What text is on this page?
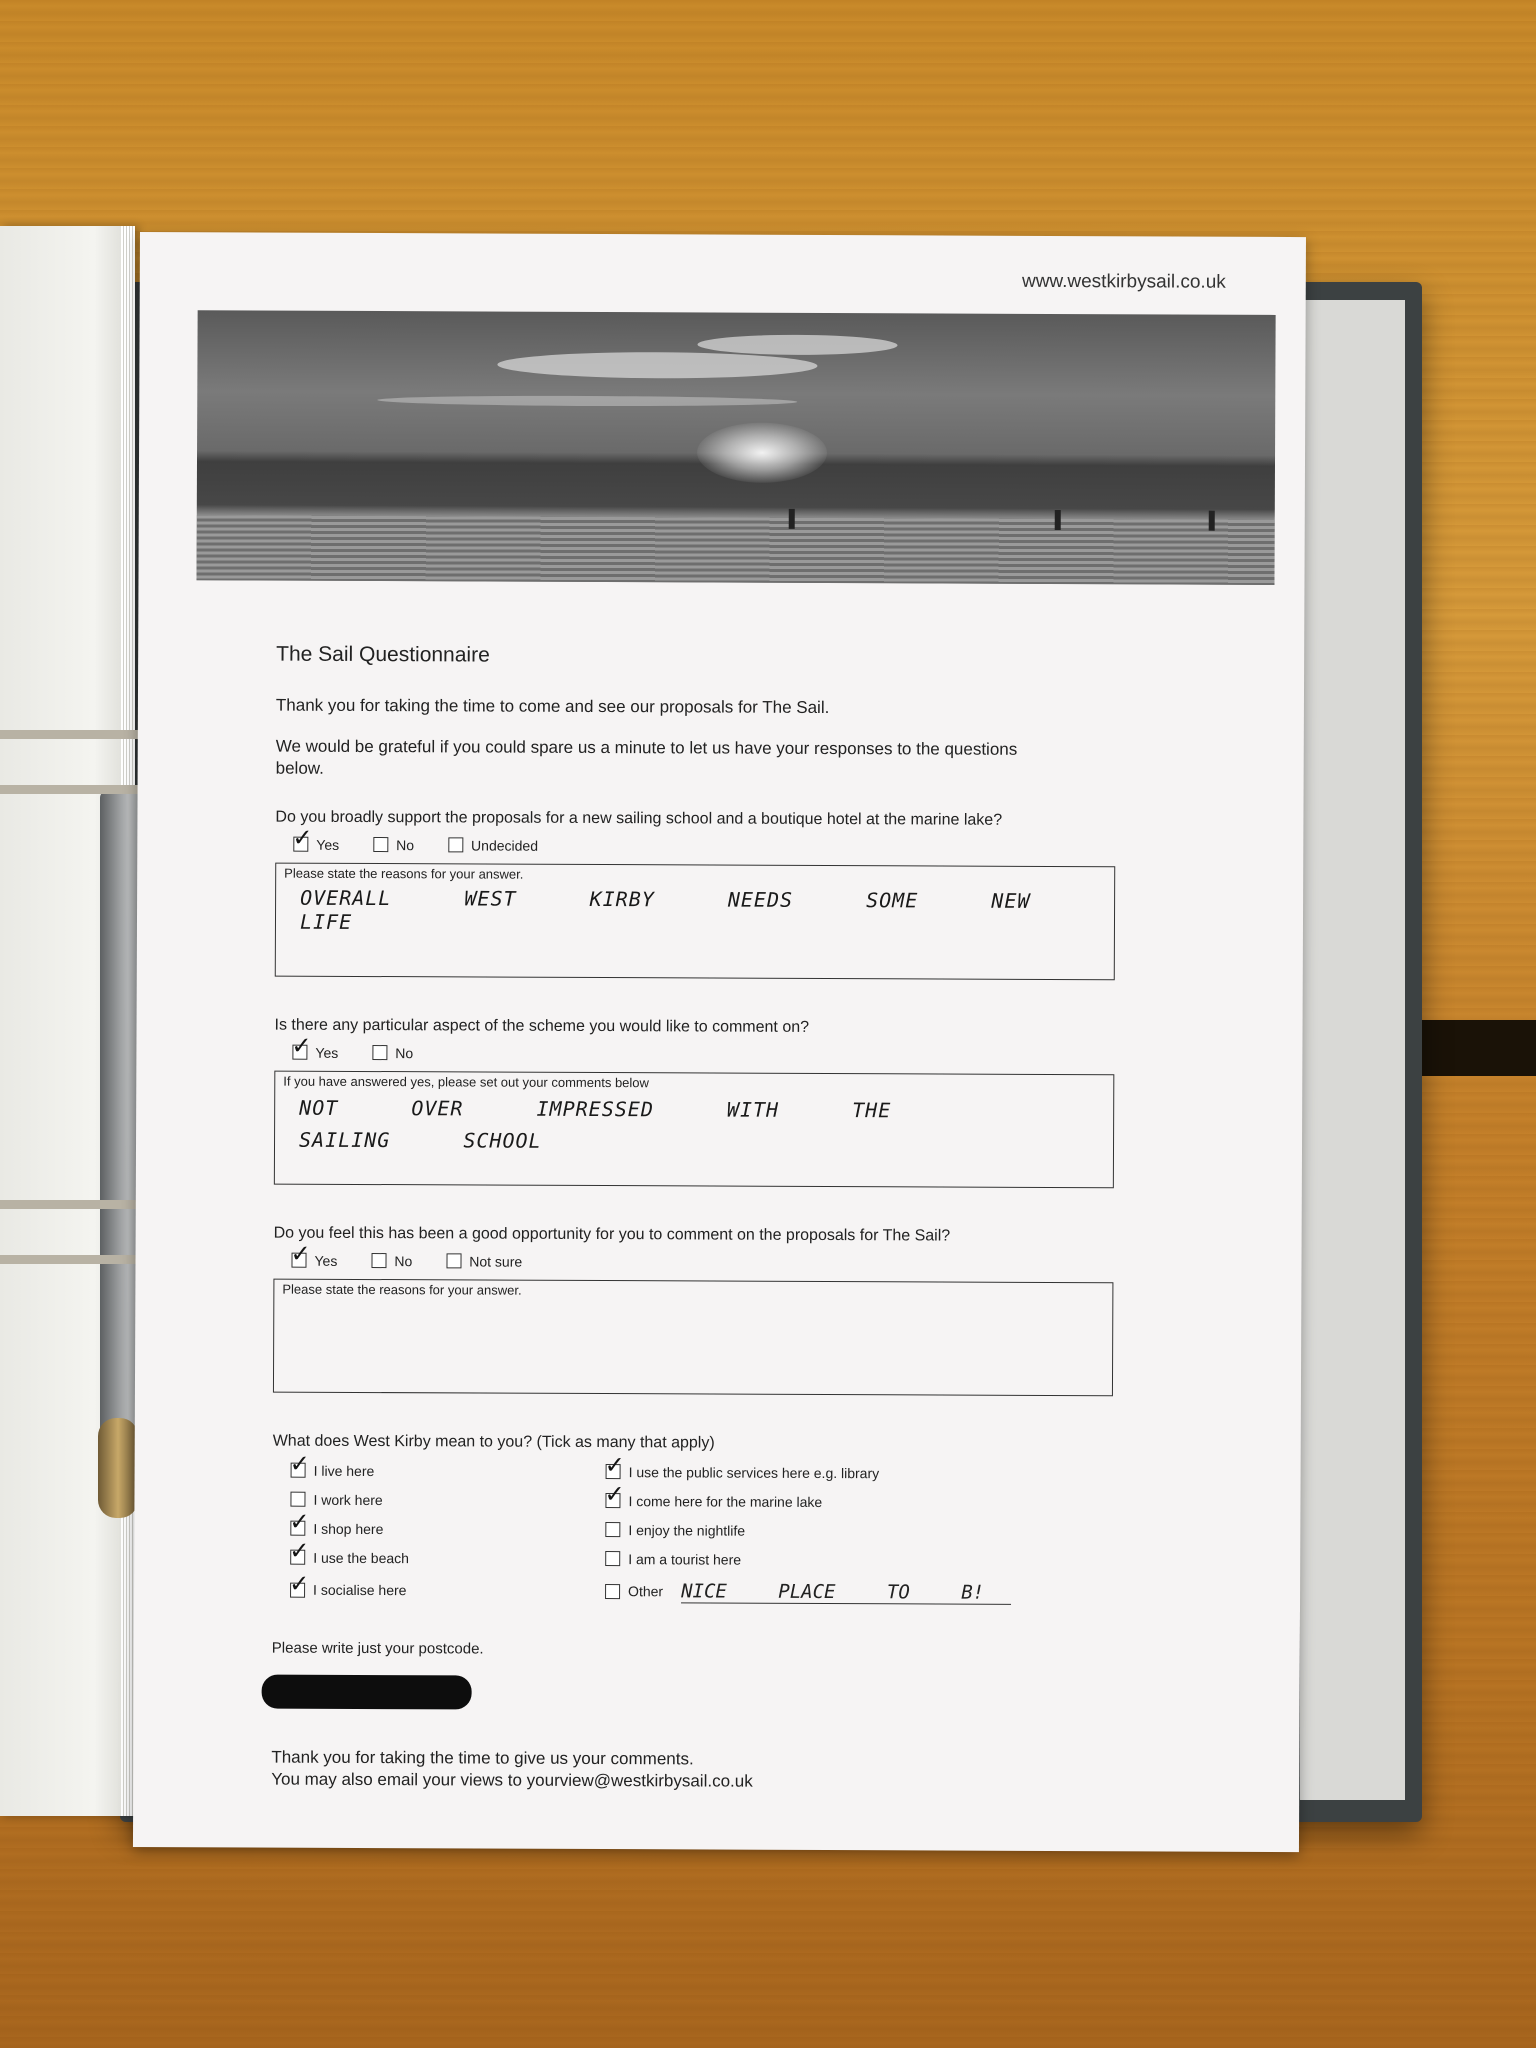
www.westkirbysail.co.uk
The Sail Questionnaire
Thank you for taking the time to come and see our proposals for The Sail.
We would be grateful if you could spare us a minute to let us have your responses to the questions below.
Do you broadly support the proposals for a new sailing school and a boutique hotel at the marine lake?
✓
Yes	No	Undecided
Please state the reasons for your answer.
OVERALL WEST KIRBY NEEDS SOME NEW
LIFE
Is there any particular aspect of the scheme you would like to comment on?
✓
Yes	No
If you have answered yes, please set out your comments below
NOT OVER IMPRESSED WITH THE
SAILING SCHOOL
Do you feel this has been a good opportunity for you to comment on the proposals for The Sail?
✓
Yes	No	Not sure
Please state the reasons for your answer.
What does West Kirby mean to you? (Tick as many that apply)
✓
I live here ✓	I use the public services here e.g. library
I work here ✓	I come here for the marine lake
✓
I shop here	I enjoy the nightlife
✓
I use the beach	I am a tourist here
✓
I socialise here	Other NICE PLACE TO B!
Please write just your postcode.
Thank you for taking the time to give us your comments.
You may also email your views to yourview@westkirbysail.co.uk
